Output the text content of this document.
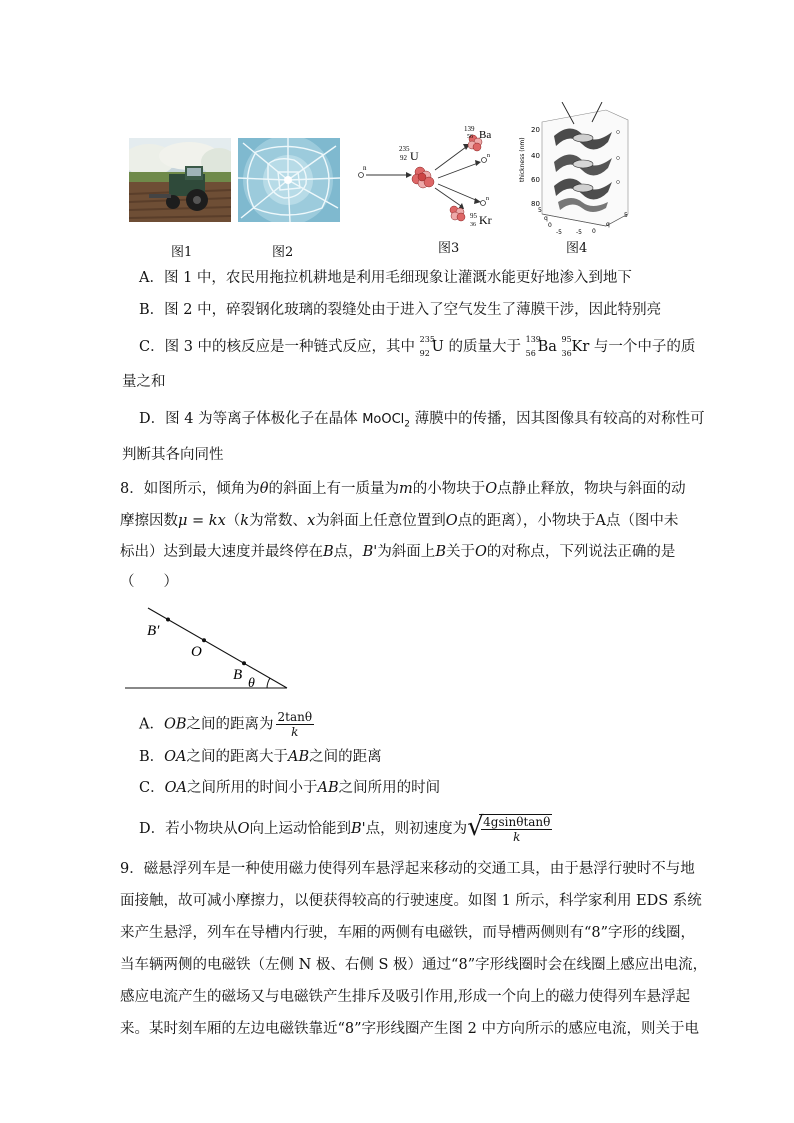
n
235
92 U
139
56 Ba
n
n
95
36 Kr
thickness (nm)
20
40
60
80
5
q
0
-5 -5 0
q
5
图1	图2	图3	图4
A．图 1 中，农民用拖拉机耕地是利用毛细现象让灌溉水能更好地渗入到地下
B．图 2 中，碎裂钢化玻璃的裂缝处由于进入了空气发生了薄膜干涉，因此特别亮
C．图 3 中的核反应是一种链式反应，其中 235
92 U 的质量大于 139
56 Ba 95
36 Kr 与一个中子的质
量之和
D．图 4 为等离子体极化子在晶体 MoOCl$_2$ 薄膜中的传播，因其图像具有较高的对称性可
判断其各向同性
8．如图所示，倾角为θ的斜面上有一质量为m的小物块于O点静止释放，物块与斜面的动
摩擦因数μ = kx（k为常数、x为斜面上任意位置到O点的距离），小物块于A点（图中未
标出）达到最大速度并最终停在B点，B'为斜面上B关于O的对称点，下列说法正确的是
（　　）
B′
O
B
θ
A．OB之间的距离为 $\frac{2\tan\theta}{k}$
B．OA之间的距离大于AB之间的距离
C．OA之间所用的时间小于AB之间所用的时间
D．若小物块从O向上运动恰能到B'点，则初速度为 √
$\frac{4gsin\theta\tan\theta}{k}$
9．磁悬浮列车是一种使用磁力使得列车悬浮起来移动的交通工具，由于悬浮行驶时不与地
面接触，故可减小摩擦力，以便获得较高的行驶速度。如图 1 所示，科学家利用 EDS 系统
来产生悬浮，列车在导槽内行驶，车厢的两侧有电磁铁，而导槽两侧则有“8”字形的线圈，
当车辆两侧的电磁铁（左侧 N 极、右侧 S 极）通过“8”字形线圈时会在线圈上感应出电流，
感应电流产生的磁场又与电磁铁产生排斥及吸引作用,形成一个向上的磁力使得列车悬浮起
来。某时刻车厢的左边电磁铁靠近“8”字形线圈产生图 2 中方向所示的感应电流，则关于电
